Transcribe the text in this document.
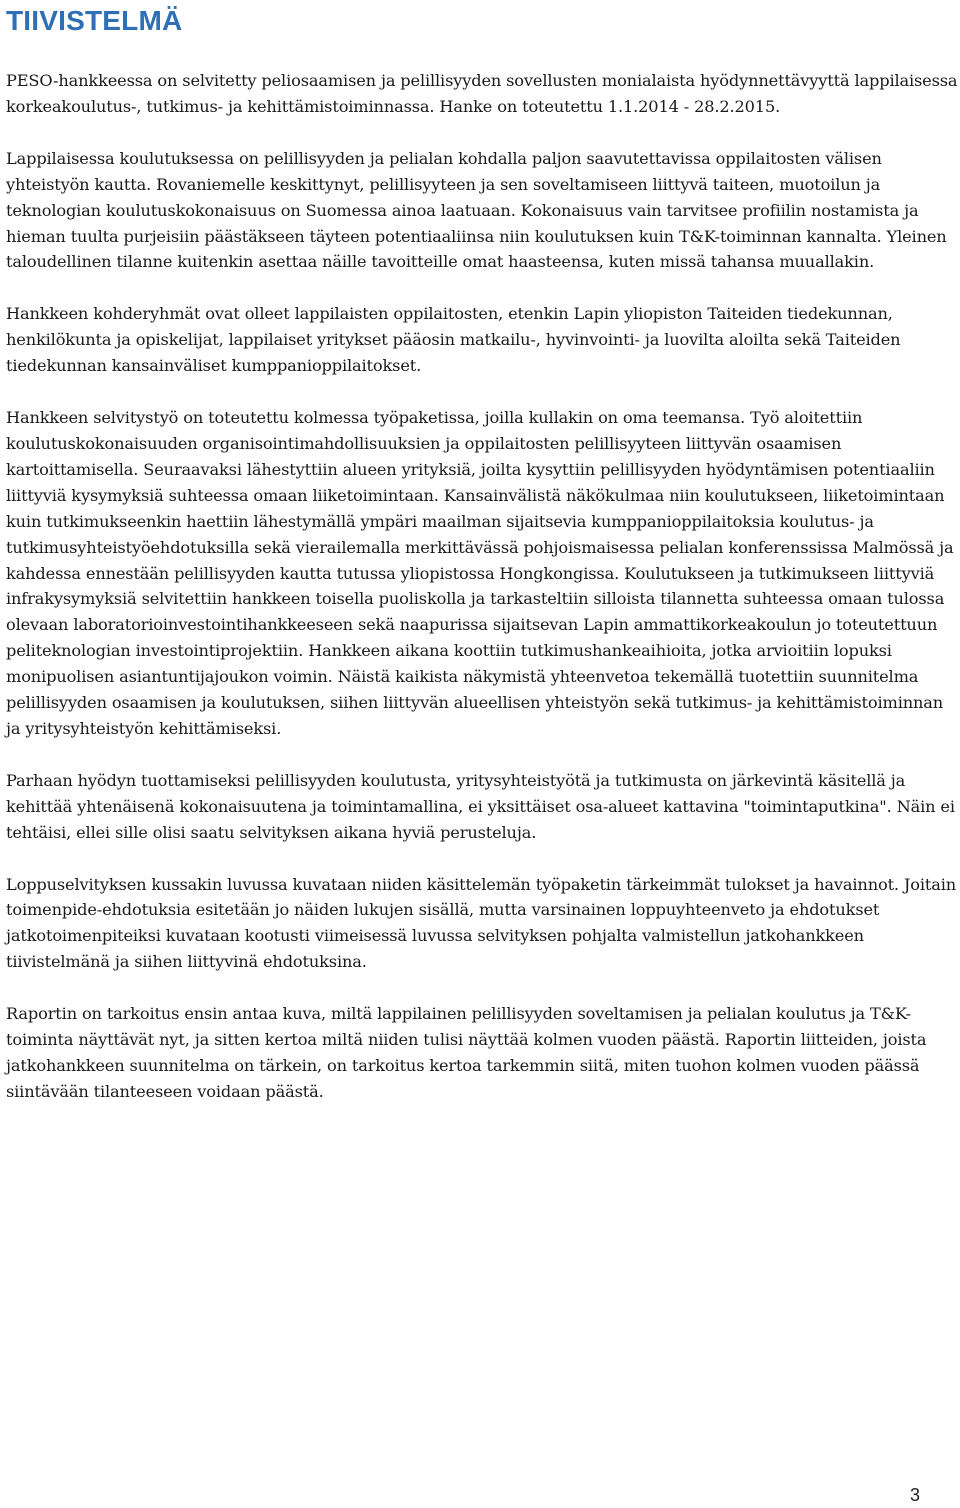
TIIVISTELMÄ

PESO-hankkeessa on selvitetty peliosaamisen ja pelillisyyden sovellusten monialaista hyödynnettävyyttä lappilaisessa korkeakoulutus-, tutkimus- ja kehittämistoiminnassa. Hanke on toteutettu 1.1.2014 - 28.2.2015.

Lappilaisessa koulutuksessa on pelillisyyden ja pelialan kohdalla paljon saavutettavissa oppilaitosten välisen yhteistyön kautta. Rovaniemelle keskittynyt, pelillisyyteen ja sen soveltamiseen liittyvä taiteen, muotoilun ja teknologian koulutuskokonaisuus on Suomessa ainoa laatuaan. Kokonaisuus vain tarvitsee profiilin nostamista ja hieman tuulta purjeisiin päästäkseen täyteen potentiaaliinsa niin koulutuksen kuin T&K-toiminnan kannalta. Yleinen taloudellinen tilanne kuitenkin asettaa näille tavoitteille omat haasteensa, kuten missä tahansa muuallakin.

Hankkeen kohderyhmät ovat olleet lappilaisten oppilaitosten, etenkin Lapin yliopiston Taiteiden tiedekunnan, henkilökunta ja opiskelijat, lappilaiset yritykset pääosin matkailu-, hyvinvointi- ja luovilta aloilta sekä Taiteiden tiedekunnan kansainväliset kumppanioppilaitokset.

Hankkeen selvitystyö on toteutettu kolmessa työpaketissa, joilla kullakin on oma teemansa. Työ aloitettiin koulutuskokonaisuuden organisointimahdollisuuksien ja oppilaitosten pelillisyyteen liittyvän osaamisen kartoittamisella. Seuraavaksi lähestyttiin alueen yrityksiä, joilta kysyttiin pelillisyyden hyödyntämisen potentiaaliin liittyviä kysymyksiä suhteessa omaan liiketoimintaan. Kansainvälistä näkökulmaa niin koulutukseen, liiketoimintaan kuin tutkimukseenkin haettiin lähestymällä ympäri maailman sijaitsevia kumppanioppilaitoksia koulutus- ja tutkimusyhteistyöehdotuksilla sekä vierailemalla merkittävässä pohjoismaisessa pelialan konferenssissa Malmössä ja kahdessa ennestään pelillisyyden kautta tutussa yliopistossa Hongkongissa. Koulutukseen ja tutkimukseen liittyviä infrakysymyksiä selvitettiin hankkeen toisella puoliskolla ja tarkasteltiin silloista tilannetta suhteessa omaan tulossa olevaan laboratorioinvestointihankkeeseen sekä naapurissa sijaitsevan Lapin ammattikorkeakoulun jo toteutettuun peliteknologian investointiprojektiin. Hankkeen aikana koottiin tutkimushankeaihioita, jotka arvioitiin lopuksi monipuolisen asiantuntijajoukon voimin. Näistä kaikista näkymistä yhteenvetoa tekemällä tuotettiin suunnitelma pelillisyyden osaamisen ja koulutuksen, siihen liittyvän alueellisen yhteistyön sekä tutkimus- ja kehittämistoiminnan ja yritysyhteistyön kehittämiseksi.

Parhaan hyödyn tuottamiseksi pelillisyyden koulutusta, yritysyhteistyötä ja tutkimusta on järkevintä käsitellä ja kehittää yhtenäisenä kokonaisuutena ja toimintamallina, ei yksittäiset osa-alueet kattavina "toimintaputkina". Näin ei tehtäisi, ellei sille olisi saatu selvityksen aikana hyviä perusteluja.

Loppuselvityksen kussakin luvussa kuvataan niiden käsittelemän työpaketin tärkeimmät tulokset ja havainnot. Joitain toimenpide-ehdotuksia esitetään jo näiden lukujen sisällä, mutta varsinainen loppuyhteenveto ja ehdotukset jatkotoimenpiteiksi kuvataan kootusti viimeisessä luvussa selvityksen pohjalta valmistellun jatkohankkeen tiivistelmänä ja siihen liittyvinä ehdotuksina.

Raportin on tarkoitus ensin antaa kuva, miltä lappilainen pelillisyyden soveltamisen ja pelialan koulutus ja T&K-toiminta näyttävät nyt, ja sitten kertoa miltä niiden tulisi näyttää kolmen vuoden päästä. Raportin liitteiden, joista jatkohankkeen suunnitelma on tärkein, on tarkoitus kertoa tarkemmin siitä, miten tuohon kolmen vuoden päässä siintävään tilanteeseen voidaan päästä.

3
